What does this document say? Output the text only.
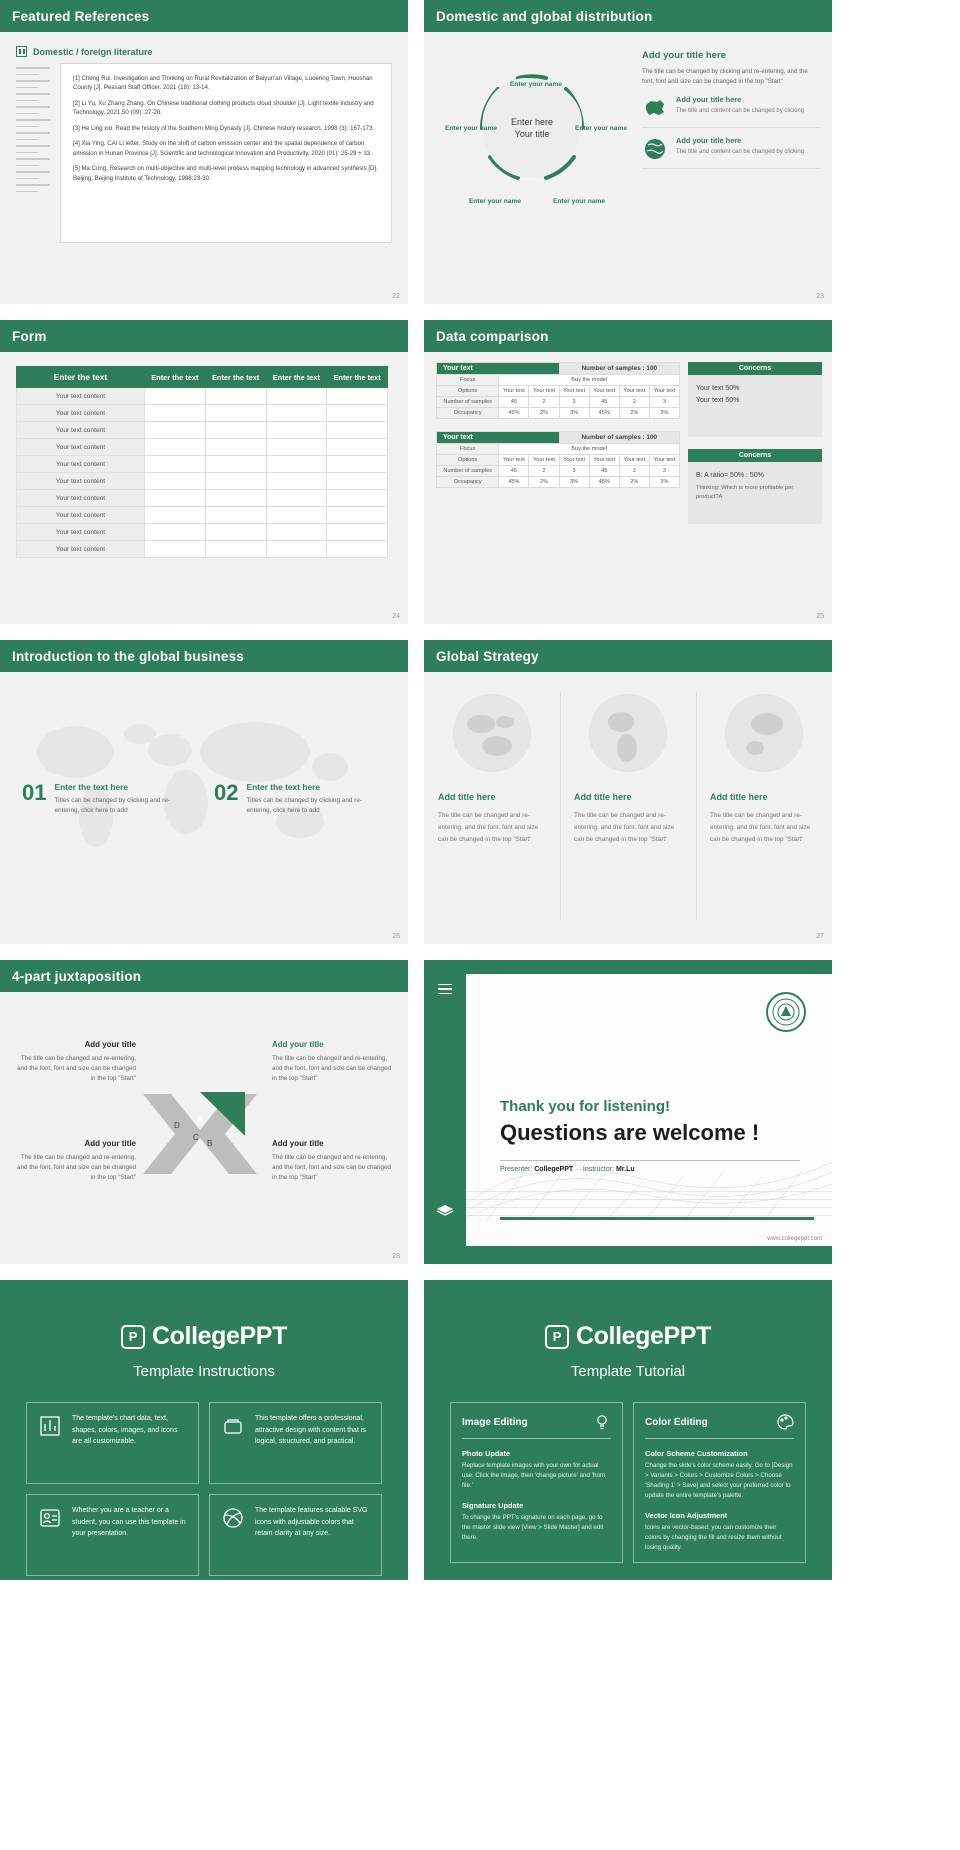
Featured References
Domestic / foreign literature

[1] Cheng Rui. Investigation and Thinking on Rural Revitalization of Baiyun'an Village, Luoering Town, Huoshan County [J]. Peasant Staff Officer, 2021 (18): 13-14.

[2] Li Yu, Xu Zhang Zhang. On Chinese traditional clothing products cloud shoulder [J]. Light textile industry and Technology, 2021,50 (09): 27-28.

[3] He Ling xiu. Read the history of the Southern Ming Dynasty [J]. Chinese history research, 1998 (3): 167-173.

[4] Xia Ying, CAI Li letter. Study on the shift of carbon emission center and the spatial dependence of carbon emission in Hunan Province [J]. Scientific and technological Innovation and Productivity, 2020 (01): 25-29 + 33.

[5] Ma Cong. Research on multi-objective and multi-level process mapping technology in advanced synthesis [D]. Beijing: Beijing Institute of Technology, 1998:23-30.

22
Domestic and global distribution
Enter here
Your title
Enter your name
Enter your name
Enter your name
Enter your name
Enter your name
Add your title here
The title can be changed by clicking and re-entering, and the font, font and size can be changed in the top "Start"
Add your title here

The title and content can be changed by clicking

Add your title here

The title and content can be changed by clicking

23
Form
Enter the text	Enter the text	Enter the text	Enter the text	Enter the text
Your text content				
Your text content				
Your text content				
Your text content				
Your text content				
Your text content				
Your text content				
Your text content				
Your text content				
Your text content				
24
Data comparison
Your text			Number of samples : 100			
Focus	Buy the model					
Options	Your text	Your text	Your text	Your text	Your text	Your text
Number of samples	45	2	3	45	2	3
Occupancy	45%	2%	3%	45%	2%	3%
Your text			Number of samples : 100			
Focus	Buy the model					
Options	Your text	Your text	Your text	Your text	Your text	Your text
Number of samples	45	2	3	45	2	3
Occupancy	45%	2%	3%	45%	2%	3%
Concerns

Your text 50%

Your text 50%

Concerns

B: A ratio= 50% : 50%

Thinking: Which is more profitable per product?A
25
Introduction to the global business
01 Enter the text here

Titles can be changed by clicking and re-entering, click here to add

02 Enter the text here

Titles can be changed by clicking and re-entering, click here to add

26
Global Strategy
Add title here

The title can be changed and re-entering, and the font, font and size can be changed in the top "Start"

Add title here

The title can be changed and re-entering, and the font, font and size can be changed in the top "Start"

Add title here

The title can be changed and re-entering, and the font, font and size can be changed in the top "Start"

27
4-part juxtaposition
D
A
C
B
Add your title

The title can be changed and re-entering, and the font, font and size can be changed in the top "Start"

Add your title

The title can be changed and re-entering, and the font, font and size can be changed in the top "Start"

Add your title

The title can be changed and re-entering, and the font, font and size can be changed in the top "Start"

Add your title

The title can be changed and re-entering, and the font, font and size can be changed in the top "Start"

28
Thank you for listening!
Questions are welcome !
Presenter: CollegePPT Instructor: Mr.Lu
www.collegeppt.com
P CollegePPT
Template Instructions

The template's chart data, text, shapes, colors, images, and icons are all customizable.

This template offers a professional, attractive design with content that is logical, structured, and practical.

Whether you are a teacher or a student, you can use this template in your presentation.

The template features scalable SVG icons with adjustable colors that retain clarity at any size.

P CollegePPT
Template Tutorial
Image Editing
Photo Update

Replace template images with your own for actual use. Click the image, then 'change picture' and 'from file.'

Signature Update

To change the PPT's signature on each page, go to the master slide view [View > Slide Master] and edit there.

Color Editing
Color Scheme Customization

Change the slide's color scheme easily. Go to [Design > Variants > Colors > Customize Colors > Choose 'Shading 1' > Save] and select your preferred color to update the entire template's palette.

Vector Icon Adjustment

Icons are vector-based; you can customize their colors by changing the fill and resize them without losing quality.
